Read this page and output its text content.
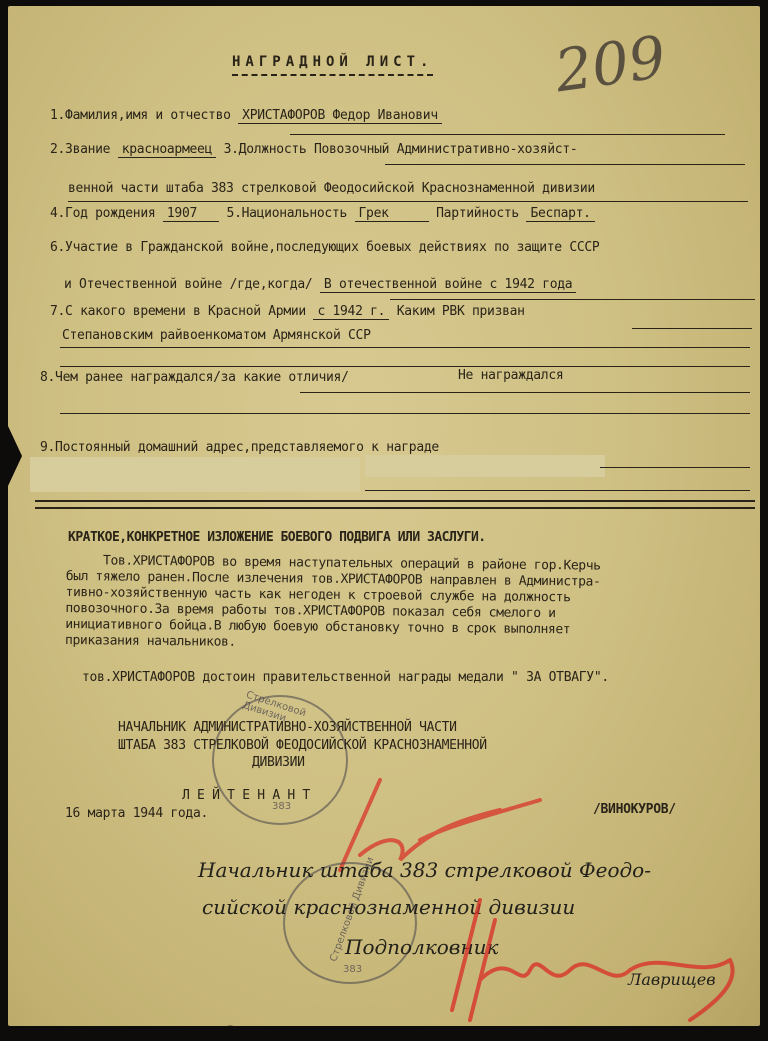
НАГРАДНОЙ ЛИСТ. 209
1.Фамилия,имя и отчество ХРИСТАФОРОВ Федор Иванович
2.Звание красноармеец 3.Должность Повозочный Административно-хозяйст-
венной части штаба 383 стрелковой Феодосийской Краснознаменной дивизии
4.Год рождения 1907 5.Национальность Грек	Партийность Беспарт.
6.Участие в Гражданской войне,последующих боевых действиях по защите СССР
и Отечественной войне /где,когда/ В отечественной войне с 1942 года
7.С какого времени в Красной Армии с 1942 г. Каким РВК призван
Степановским райвоенкоматом Армянской ССР
8.Чем ранее награждался/за какие отличия/	Не награждался
9.Постоянный домашний адрес,представляемого к награде
КРАТКОЕ,КОНКРЕТНОЕ ИЗЛОЖЕНИЕ БОЕВОГО ПОДВИГА ИЛИ ЗАСЛУГИ.

Тов.ХРИСТАФОРОВ во время наступательных операций в районе гор.Керчь

был тяжело ранен.После излечения тов.ХРИСТАФОРОВ направлен в Администра-

тивно-хозяйственную часть как негоден к строевой службе на должность

повозочного.За время работы тов.ХРИСТАФОРОВ показал себя смелого и

инициативного бойца.В любую боевую обстановку точно в срок выполняет

приказания начальников.

тов.ХРИСТАФОРОВ достоин правительственной награды медали " ЗА ОТВАГУ".
Стрелковой Дивизии
383
НАЧАЛЬНИК АДМИНИСТРАТИВНО-ХОЗЯЙСТВЕННОЙ ЧАСТИ
ШТАБА 383 СТРЕЛКОВОЙ ФЕОДОСИЙСКОЙ КРАСНОЗНАМЕННОЙ
ДИВИЗИИ
Л Е Й Т Е Н А Н Т
16 марта 1944 года.	/ВИНОКУРОВ/
Стрелковой Дивизии
383
Начальник штаба 383 стрелковой Феодо-
сийской краснознаменной дивизии
Подполковник
Лаврищев
